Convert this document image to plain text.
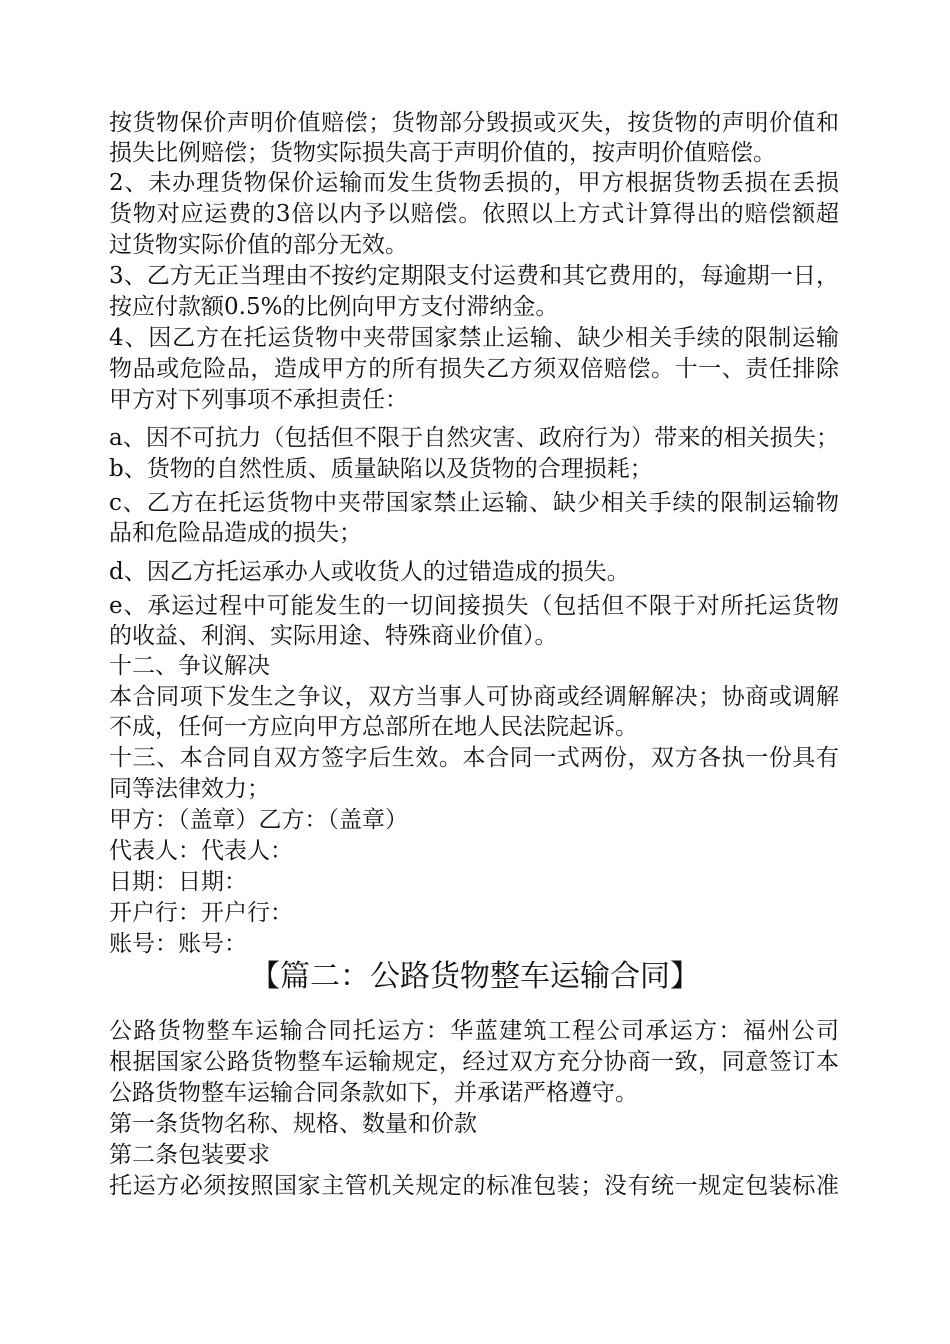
按货物保价声明价值赔偿；货物部分毁损或灭失，按货物的声明价值和
损失比例赔偿；货物实际损失高于声明价值的，按声明价值赔偿。
2、未办理货物保价运输而发生货物丢损的，甲方根据货物丢损在丢损
货物对应运费的3倍以内予以赔偿。依照以上方式计算得出的赔偿额超
过货物实际价值的部分无效。
3、乙方无正当理由不按约定期限支付运费和其它费用的，每逾期一日，
按应付款额0.5%的比例向甲方支付滞纳金。
4、因乙方在托运货物中夹带国家禁止运输、缺少相关手续的限制运输
物品或危险品，造成甲方的所有损失乙方须双倍赔偿。十一、责任排除
甲方对下列事项不承担责任：
a、因不可抗力（包括但不限于自然灾害、政府行为）带来的相关损失；
b、货物的自然性质、质量缺陷以及货物的合理损耗；
c、乙方在托运货物中夹带国家禁止运输、缺少相关手续的限制运输物
品和危险品造成的损失；
d、因乙方托运承办人或收货人的过错造成的损失。
e、承运过程中可能发生的一切间接损失（包括但不限于对所托运货物
的收益、利润、实际用途、特殊商业价值）。
十二、争议解决
本合同项下发生之争议，双方当事人可协商或经调解解决；协商或调解
不成，任何一方应向甲方总部所在地人民法院起诉。
十三、本合同自双方签字后生效。本合同一式两份，双方各执一份具有
同等法律效力；
甲方：（盖章）乙方：（盖章）
代表人：代表人：
日期：日期：
开户行：开户行：
账号：账号：
【篇二：公路货物整车运输合同】
公路货物整车运输合同托运方：华蓝建筑工程公司承运方：福州公司
根据国家公路货物整车运输规定，经过双方充分协商一致，同意签订本
公路货物整车运输合同条款如下，并承诺严格遵守。
第一条货物名称、规格、数量和价款
第二条包装要求
托运方必须按照国家主管机关规定的标准包装；没有统一规定包装标准
